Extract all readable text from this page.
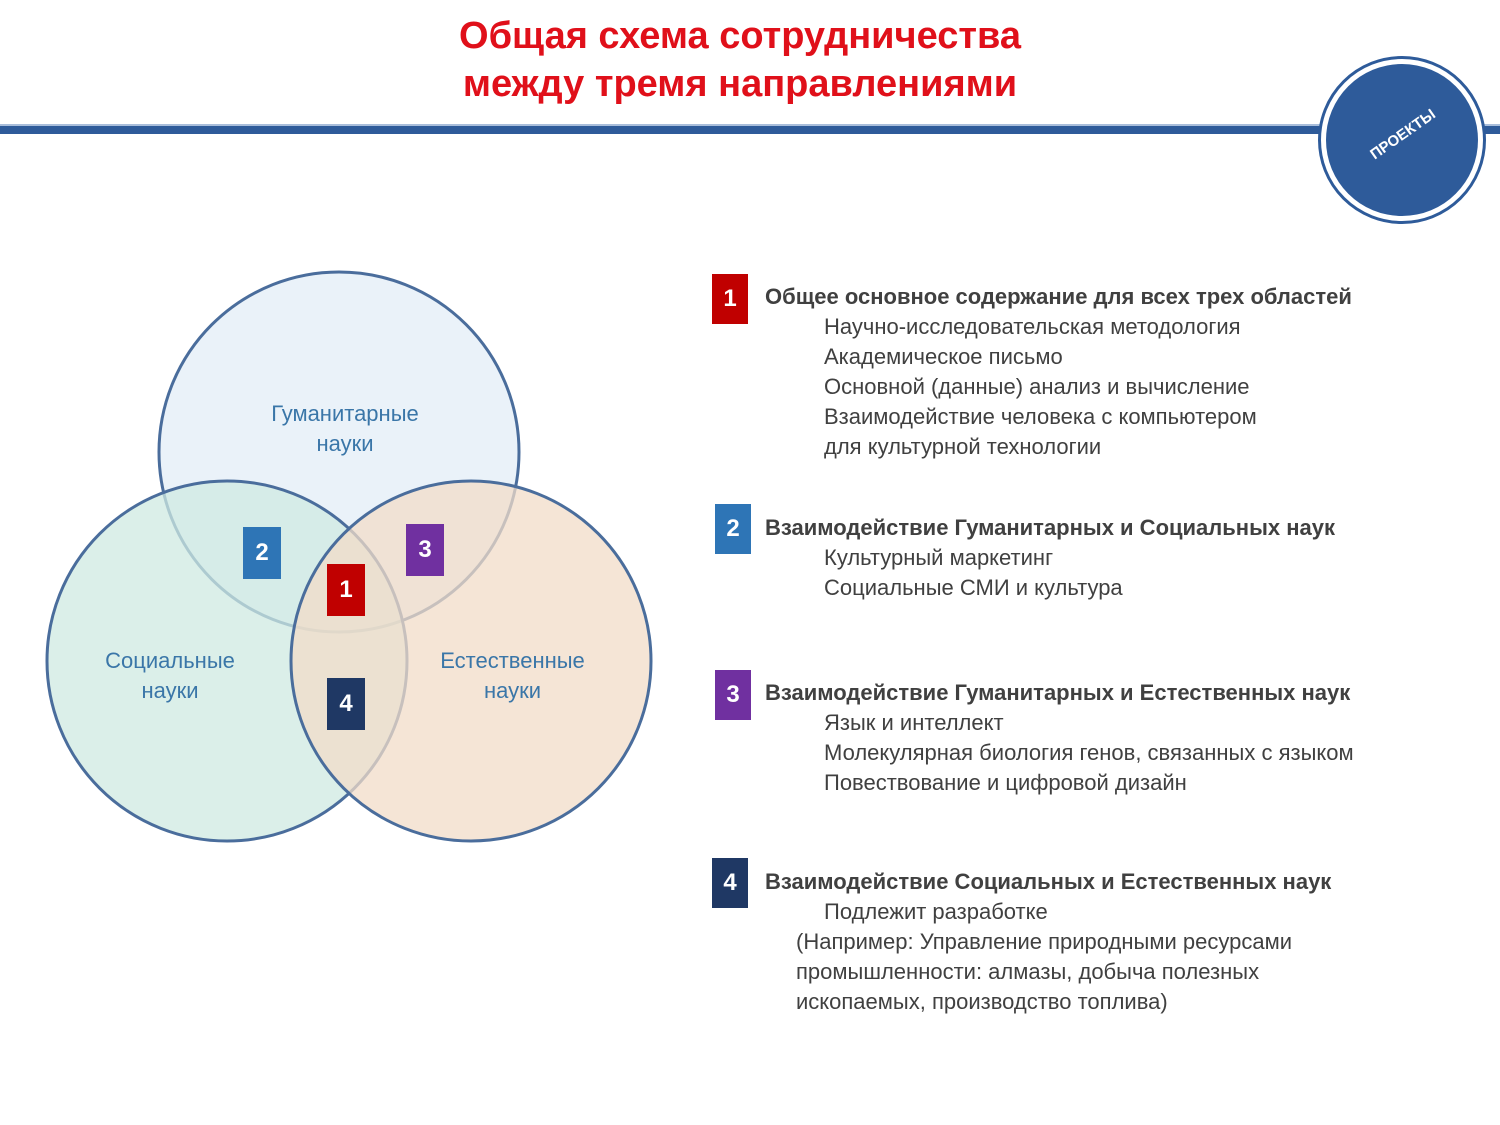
Общая схема сотрудничества
между тремя направлениями
ПРОЕКТЫ
Гуманитарные
науки
Социальные
науки
Естественные
науки
2	3
1
4
1	Общее основное содержание для всех трех областей
Научно-исследовательская методология
Академическое письмо
Основной (данные) анализ и вычисление
Взаимодействие человека с компьютером
для культурной технологии
2	Взаимодействие Гуманитарных и Социальных наук
Культурный маркетинг
Социальные СМИ и культура
3	Взаимодействие Гуманитарных и Естественных наук
Язык и интеллект
Молекулярная биология генов, связанных с языком
Повествование и цифровой дизайн
4	Взаимодействие Социальных и Естественных наук
Подлежит разработке
(Например: Управление природными ресурсами
промышленности: алмазы, добыча полезных
ископаемых, производство топлива)
